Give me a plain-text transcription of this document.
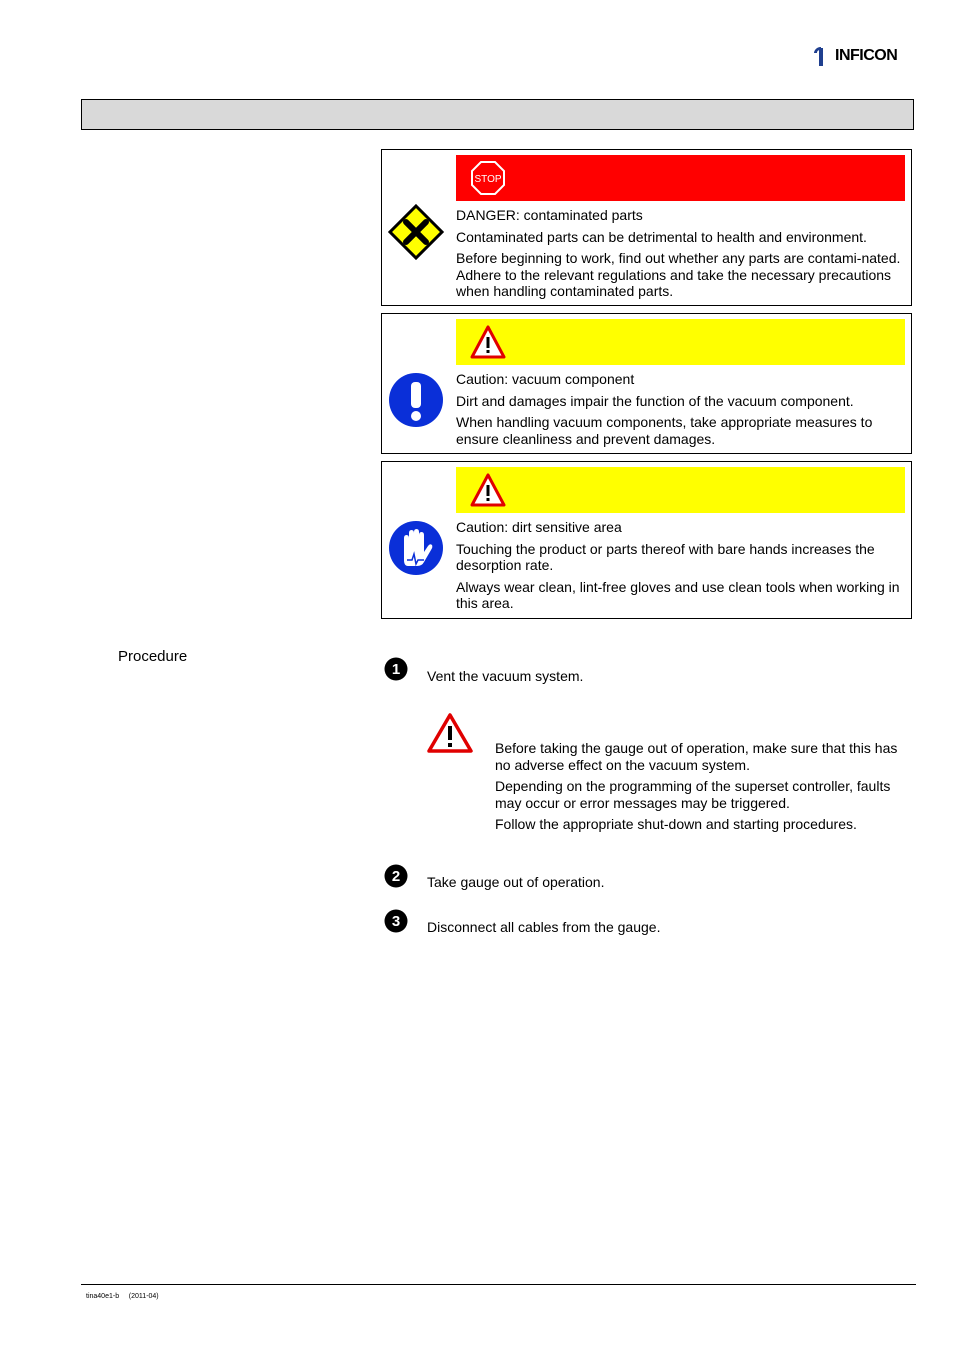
INFICON
STOP

DANGER: contaminated parts

Contaminated parts can be detrimental to health and environment.

Before beginning to work, find out whether any parts are contami-nated. Adhere to the relevant regulations and take the necessary precautions when handling contaminated parts.

Caution: vacuum component

Dirt and damages impair the function of the vacuum component.

When handling vacuum components, take appropriate measures to ensure cleanliness and prevent damages.

Caution: dirt sensitive area

Touching the product or parts thereof with bare hands increases the desorption rate.

Always wear clean, lint-free gloves and use clean tools when working in this area.

Procedure
1 Vent the vacuum system.

Before taking the gauge out of operation, make sure that this has no adverse effect on the vacuum system.

Depending on the programming of the superset controller, faults may occur or error messages may be triggered.

Follow the appropriate shut-down and starting procedures.

2 Take gauge out of operation.
3 Disconnect all cables from the gauge.
tina40e1-b     (2011-04)
